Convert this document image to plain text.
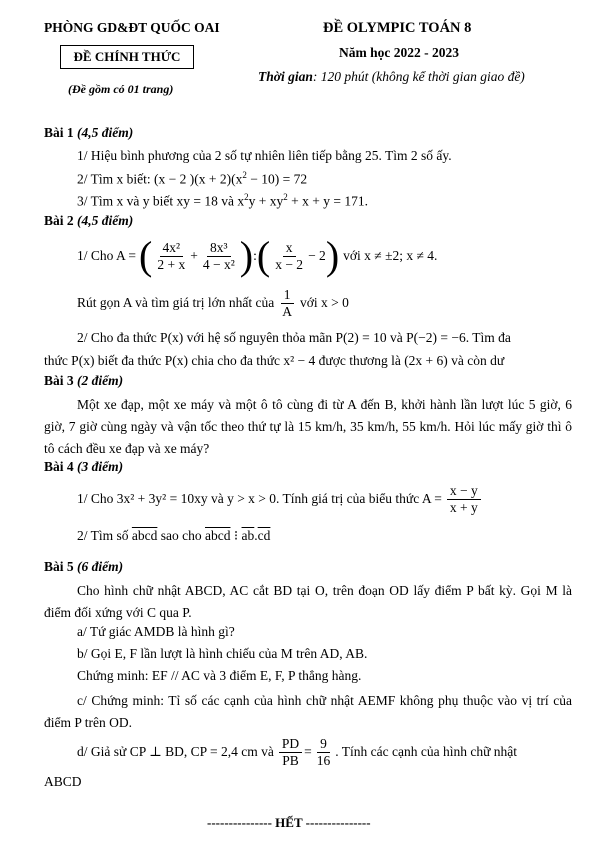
PHÒNG GD&ĐT QUỐC OAI
ĐỀ CHÍNH THỨC
(Đề gồm có 01 trang)
ĐỀ OLYMPIC TOÁN 8
Năm học 2022 - 2023
Thời gian: 120 phút (không kể thời gian giao đề)
Bài 1 (4,5 điểm)
1/ Hiệu bình phương của 2 số tự nhiên liên tiếp bằng 25. Tìm 2 số ấy.
2/ Tìm x biết: (x − 2 )$(x + 2)(x^2 - 10) = 72$
3/ Tìm x và y biết xy = 18 và $x^2y + xy^2 + x + y = 171$.
Bài 2 (4,5 điểm)
1/ Cho A = ( $\frac{\text{4x²}}{2 + x} + \frac{\text{8x³}}{\text{4 − x²}}$ ) : ( $\frac{x}{x - 2} - 2$ ) với x ≠ ±2; x ≠ 4.
Rút gọn A và tìm giá trị lớn nhất của $\frac{1}{A}$ với x > 0
2/ Cho đa thức P(x) với hệ số nguyên thỏa mãn P(2) = 10 và P(−2) = −6. Tìm đa
thức P(x) biết đa thức P(x) chia cho đa thức x² − 4 được thương là (2x + 6) và còn dư
Bài 3 (2 điểm)
Một xe đạp, một xe máy và một ô tô cùng đi từ A đến B, khởi hành lần lượt lúc 5 giờ, 6 giờ, 7 giờ cùng ngày và vận tốc theo thứ tự là 15 km/h, 35 km/h, 55 km/h. Hỏi lúc mấy giờ thì ô tô cách đều xe đạp và xe máy?
Bài 4 (3 điểm)
1/ Cho 3x² + 3y² = 10xy và y > x > 0. Tính giá trị của biểu thức $A = \frac{x - y}{x + y}$
2/ Tìm số abcd sao cho abcd ⁝ $\overline{ab}.\overline{cd}$
Bài 5 (6 điểm)
Cho hình chữ nhật ABCD, AC cắt BD tại O, trên đoạn OD lấy điểm P bất kỳ. Gọi M là điểm đối xứng với C qua P.
a/ Tứ giác AMDB là hình gì?
b/ Gọi E, F lần lượt là hình chiếu của M trên AD, AB.
Chứng minh: EF // AC và 3 điểm E, F, P thẳng hàng.
c/ Chứng minh: Tỉ số các cạnh của hình chữ nhật AEMF không phụ thuộc vào vị trí của điểm P trên OD.
d/ Giả sử CP ⊥ BD, CP = 2,4 cm và $\frac{PD}{PB} = \frac{9}{16}$ . Tính các cạnh của hình chữ nhật
ABCD
--------------- HẾT ---------------
